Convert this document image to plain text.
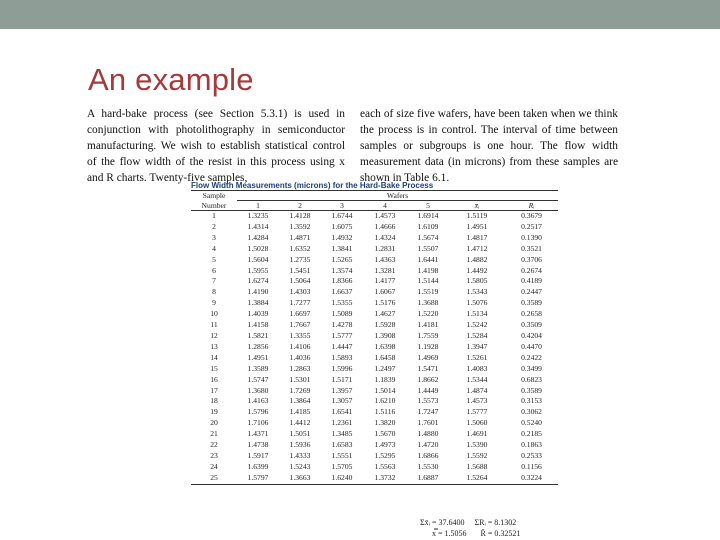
An example
A hard-bake process (see Section 5.3.1) is used in conjunction with photolithography in semiconductor manufacturing. We wish to establish statistical control of the flow width of the resist in this process using x and R charts. Twenty-five samples,
each of size five wafers, have been taken when we think the process is in control. The interval of time between samples or subgroups is one hour. The flow width measurement data (in microns) from these samples are shown in Table 6.1.
Flow Width Measurements (microns) for the Hard-Bake Process
Sample	Wafers						
Number	1	2	3	4	5	x̄ᵢ	Rᵢ
1	1.3235	1.4128	1.6744	1.4573	1.6914	1.5119	0.3679
2	1.4314	1.3592	1.6075	1.4666	1.6109	1.4951	0.2517
3	1.4284	1.4871	1.4932	1.4324	1.5674	1.4817	0.1390
4	1.5028	1.6352	1.3841	1.2831	1.5507	1.4712	0.3521
5	1.5604	1.2735	1.5265	1.4363	1.6441	1.4882	0.3706
6	1.5955	1.5451	1.3574	1.3281	1.4198	1.4492	0.2674
7	1.6274	1.5064	1.8366	1.4177	1.5144	1.5805	0.4189
8	1.4190	1.4303	1.6637	1.6067	1.5519	1.5343	0.2447
9	1.3884	1.7277	1.5355	1.5176	1.3688	1.5076	0.3589
10	1.4039	1.6697	1.5089	1.4627	1.5220	1.5134	0.2658
11	1.4158	1.7667	1.4278	1.5928	1.4181	1.5242	0.3509
12	1.5821	1.3355	1.5777	1.3908	1.7559	1.5284	0.4204
13	1.2856	1.4106	1.4447	1.6398	1.1928	1.3947	0.4470
14	1.4951	1.4036	1.5893	1.6458	1.4969	1.5261	0.2422
15	1.3589	1.2863	1.5996	1.2497	1.5471	1.4083	0.3499
16	1.5747	1.5301	1.5171	1.1839	1.8662	1.5344	0.6823
17	1.3680	1.7269	1.3957	1.5014	1.4449	1.4874	0.3589
18	1.4163	1.3864	1.3057	1.6210	1.5573	1.4573	0.3153
19	1.5796	1.4185	1.6541	1.5116	1.7247	1.5777	0.3062
20	1.7106	1.4412	1.2361	1.3820	1.7601	1.5060	0.5240
21	1.4371	1.5051	1.3485	1.5670	1.4880	1.4691	0.2185
22	1.4738	1.5936	1.6583	1.4973	1.4720	1.5390	0.1863
23	1.5917	1.4333	1.5551	1.5295	1.6866	1.5592	0.2533
24	1.6399	1.5243	1.5705	1.5563	1.5530	1.5688	0.1156
25	1.5797	1.3663	1.6240	1.3732	1.6887	1.5264	0.3224
Σx̄ᵢ = 37.6400 ΣRᵢ = 8.1302
x̿ = 1.5056 R̄ = 0.32521
